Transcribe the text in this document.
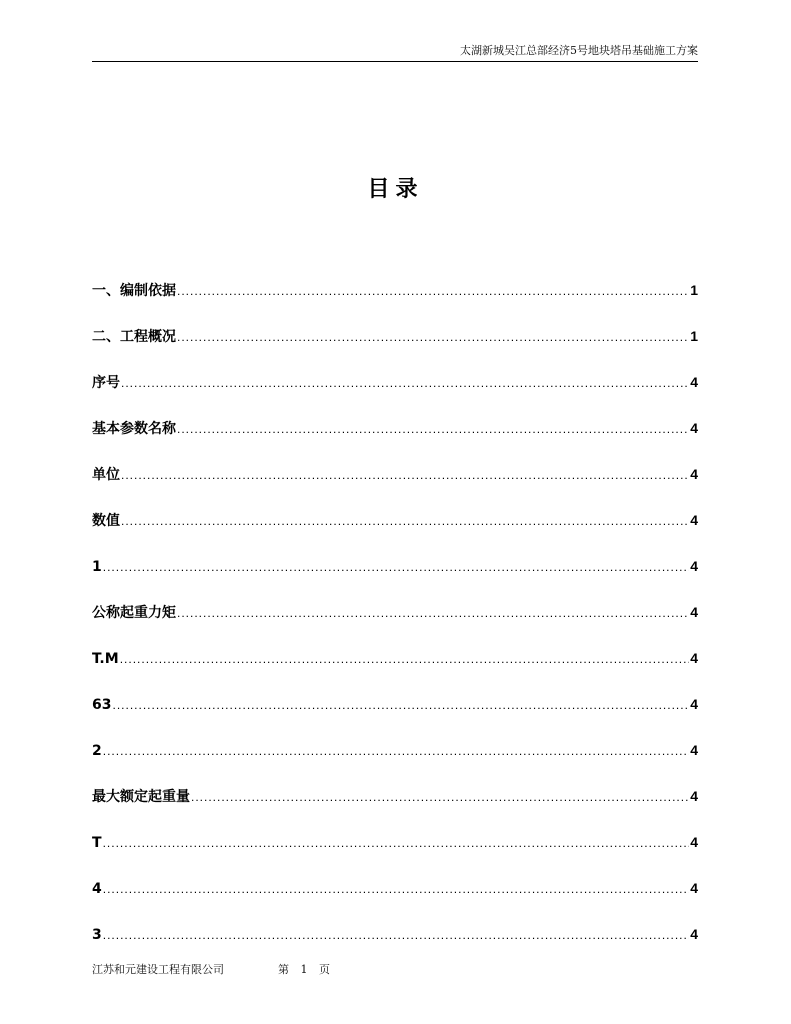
太湖新城吴江总部经济5号地块塔吊基础施工方案
目录
一、编制依据 .....	1
二、工程概况 .....	1
序号 .....	4
基本参数名称 .....	4
单位 .....	4
数值 .....	4
1 .....	4
公称起重力矩 .....	4
T.M .....	4
63 .....	4
2 .....	4
最大额定起重量 .....	4
T .....	4
4 .....	4
3 .....	4
江苏和元建设工程有限公司	第 1 页
